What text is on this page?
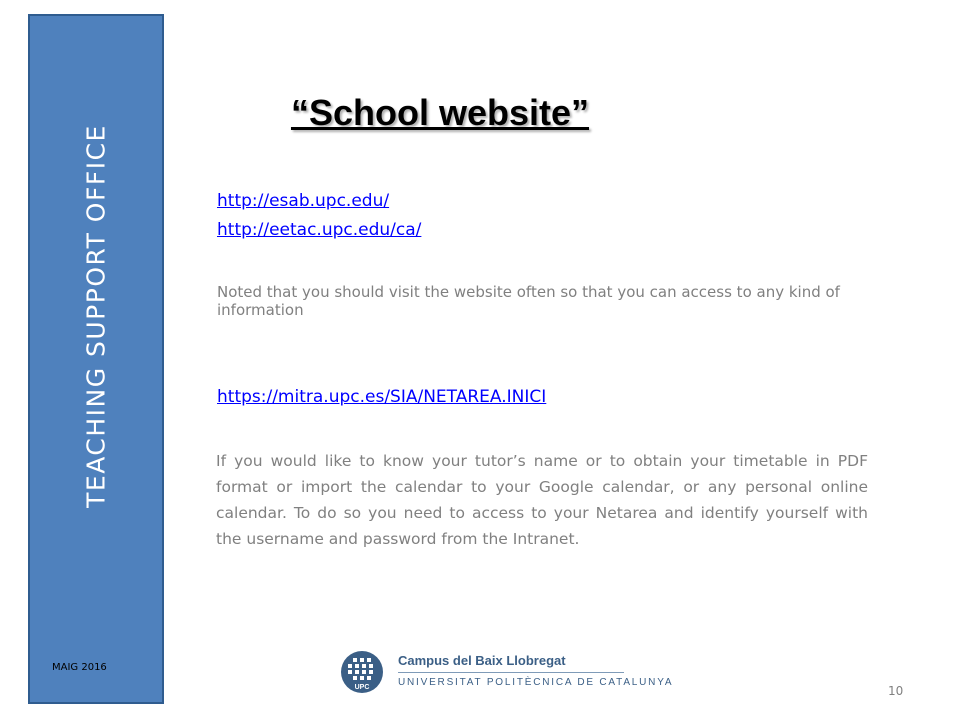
TEACHING SUPPORT OFFICE
MAIG 2016
“School website”
http://esab.upc.edu/
http://eetac.upc.edu/ca/
Noted that you should visit the website often so that you can access to any kind of information
https://mitra.upc.es/SIA/NETAREA.INICI
If you would like to know your tutor’s name or to obtain your timetable in PDF format or import the calendar to your Google calendar, or any personal online calendar. To do so you need to access to your Netarea and identify yourself with the username and password from the Intranet.
UPC
Campus del Baix Llobregat
UNIVERSITAT POLITÈCNICA DE CATALUNYA
10
